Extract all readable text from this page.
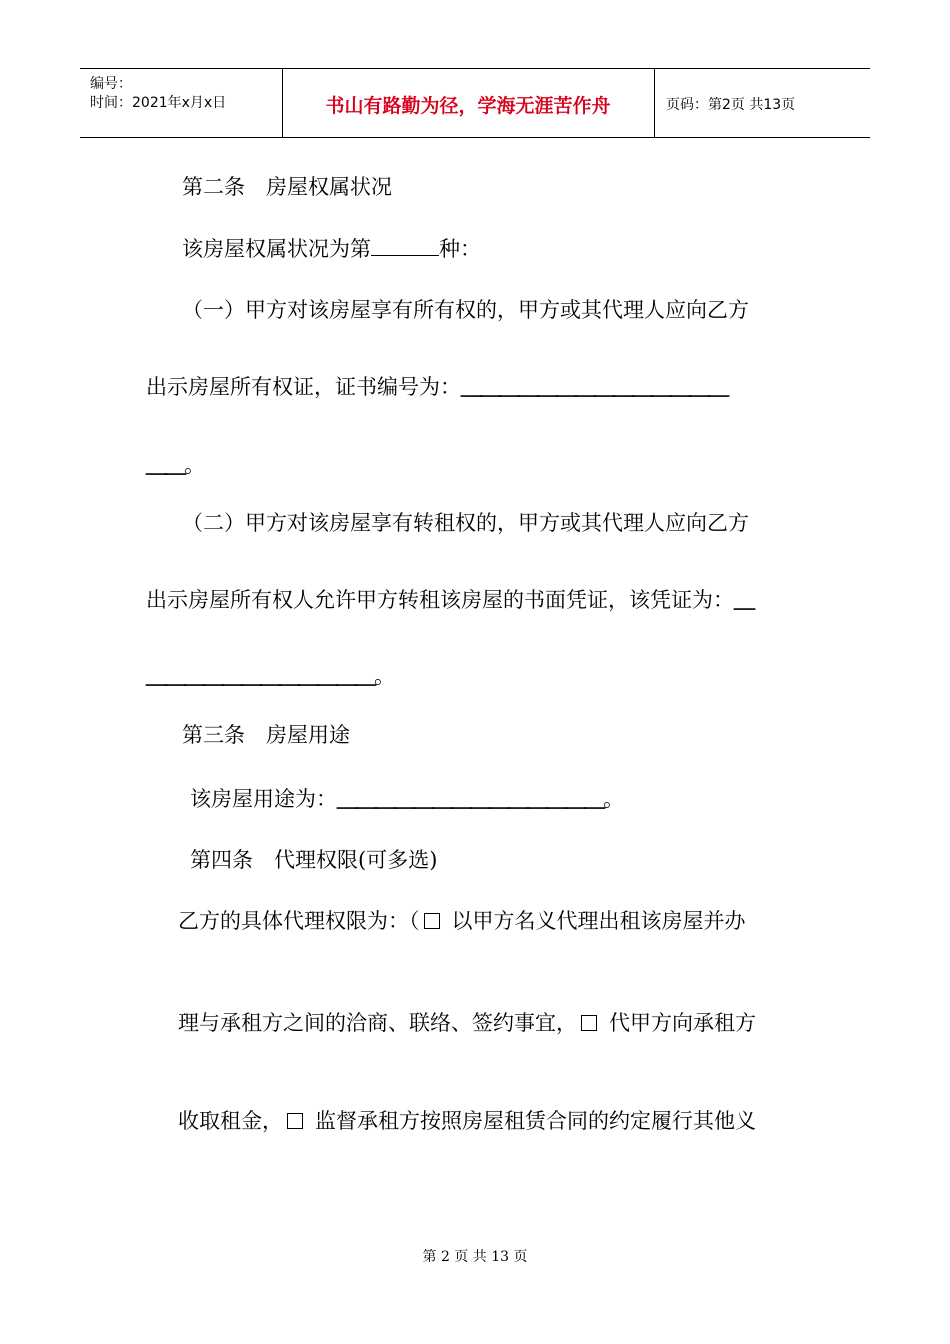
编号：
时间：2021年x月x日	书山有路勤为径，学海无涯苦作舟	页码：第2页 共13页
第二条　房屋权属状况
该房屋权属状况为第	种：
（一）甲方对该房屋享有所有权的，甲方或其代理人应向乙方
出示房屋所有权证，证书编号为：＿＿＿＿＿＿＿＿＿＿＿＿＿＿
＿＿。
（二）甲方对该房屋享有转租权的，甲方或其代理人应向乙方
出示房屋所有权人允许甲方转租该房屋的书面凭证，该凭证为：＿
＿＿＿＿＿＿＿＿＿＿＿＿。
第三条　房屋用途
该房屋用途为：＿＿＿＿＿＿＿＿＿＿＿＿＿＿。
第四条　代理权限(可多选)
乙方的具体代理权限为：（ 以甲方名义代理出租该房屋并办
理与承租方之间的洽商、联络、签约事宜， 代甲方向承租方
收取租金， 监督承租方按照房屋租赁合同的约定履行其他义
第 2 页 共 13 页
